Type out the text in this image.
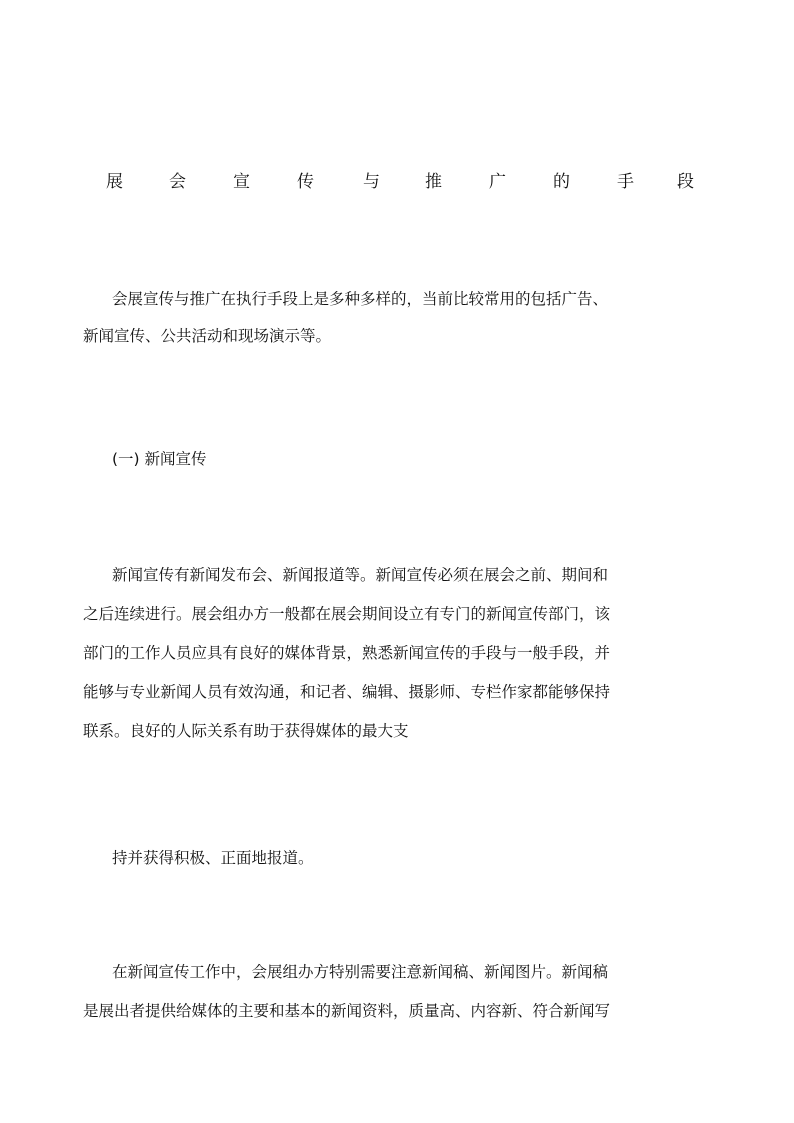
展	会	宣	传	与	推	广	的	手	段
会展宣传与推广在执行手段上是多种多样的，当前比较常用的包括广告、
新闻宣传、公共活动和现场演示等。
(一) 新闻宣传
新闻宣传有新闻发布会、新闻报道等。新闻宣传必须在展会之前、期间和
之后连续进行。展会组办方一般都在展会期间设立有专门的新闻宣传部门，该
部门的工作人员应具有良好的媒体背景，熟悉新闻宣传的手段与一般手段，并
能够与专业新闻人员有效沟通，和记者、编辑、摄影师、专栏作家都能够保持
联系。良好的人际关系有助于获得媒体的最大支
持并获得积极、正面地报道。
在新闻宣传工作中，会展组办方特别需要注意新闻稿、新闻图片。新闻稿
是展出者提供给媒体的主要和基本的新闻资料，质量高、内容新、符合新闻写
